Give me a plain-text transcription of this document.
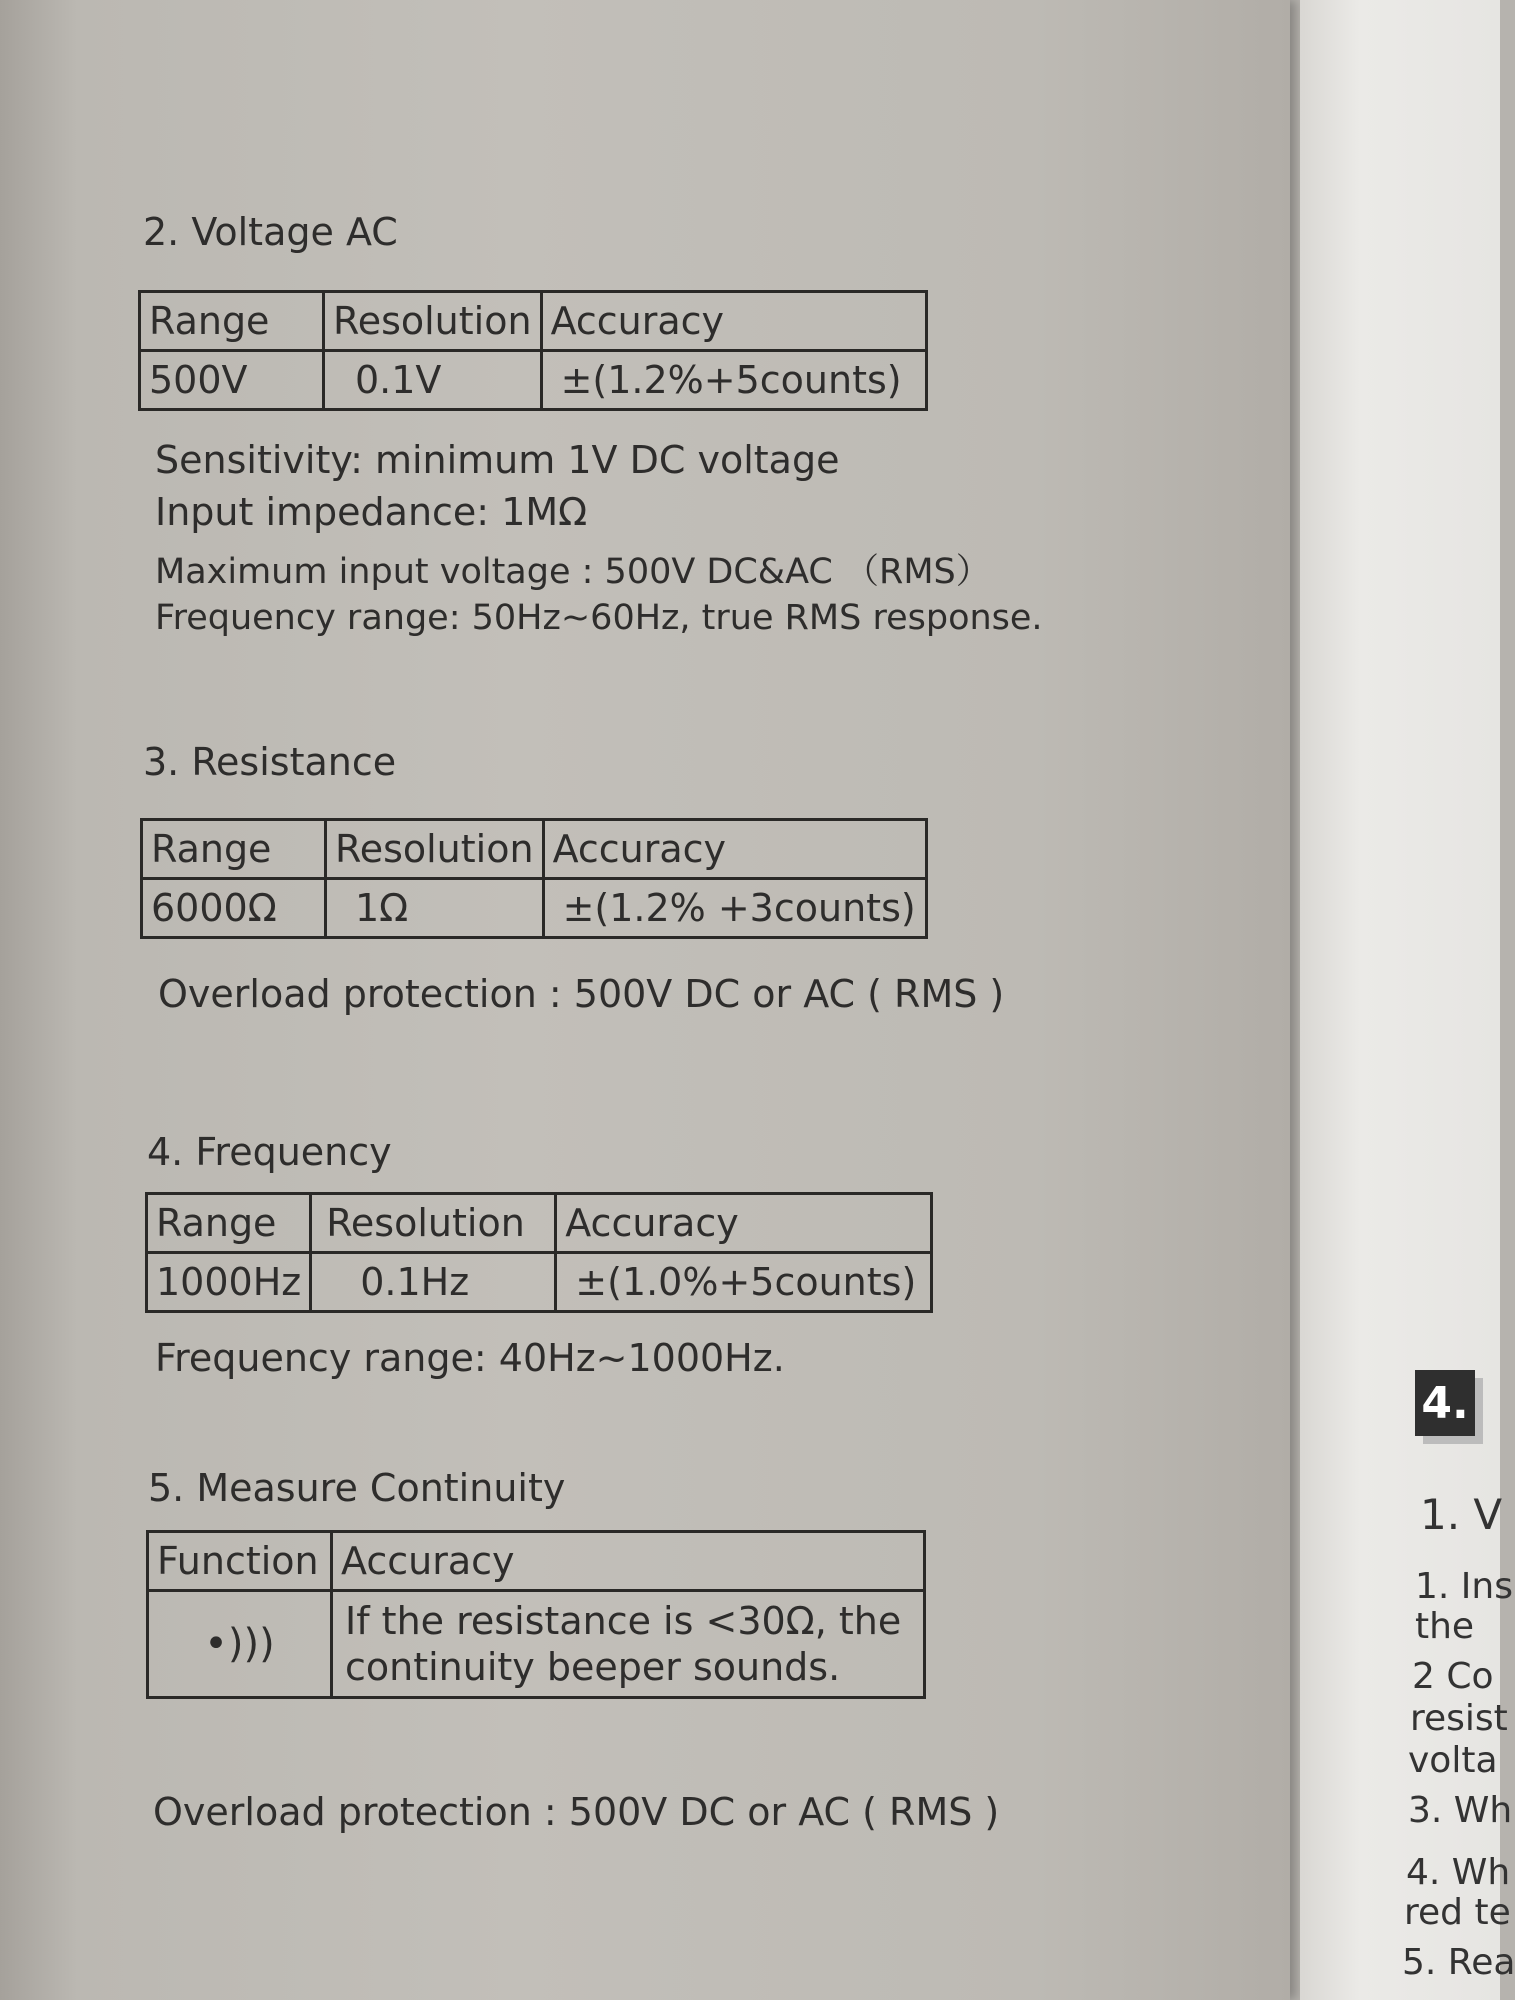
2. Voltage AC
Range	Resolution	Accuracy
500V	0.1V	±(1.2%+5counts)

Sensitivity: minimum 1V DC voltage

Input impedance: 1MΩ

Maximum input voltage : 500V DC&AC （RMS）

Frequency range: 50Hz~60Hz, true RMS response.

3. Resistance
Range	Resolution	Accuracy
6000Ω	1Ω	±(1.2% +3counts)

Overload protection : 500V DC or AC ( RMS )

4. Frequency
Range	Resolution	Accuracy
1000Hz	0.1Hz	±(1.0%+5counts)

Frequency range: 40Hz~1000Hz.

5. Measure Continuity
Function	Accuracy
•)))	If the resistance is <30Ω, the continuity beeper sounds.

Overload protection : 500V DC or AC ( RMS )

4.
1. V
1. Ins
the
2 Co
resist
volta
3. Wh
4. Wh
red te
5. Rea
